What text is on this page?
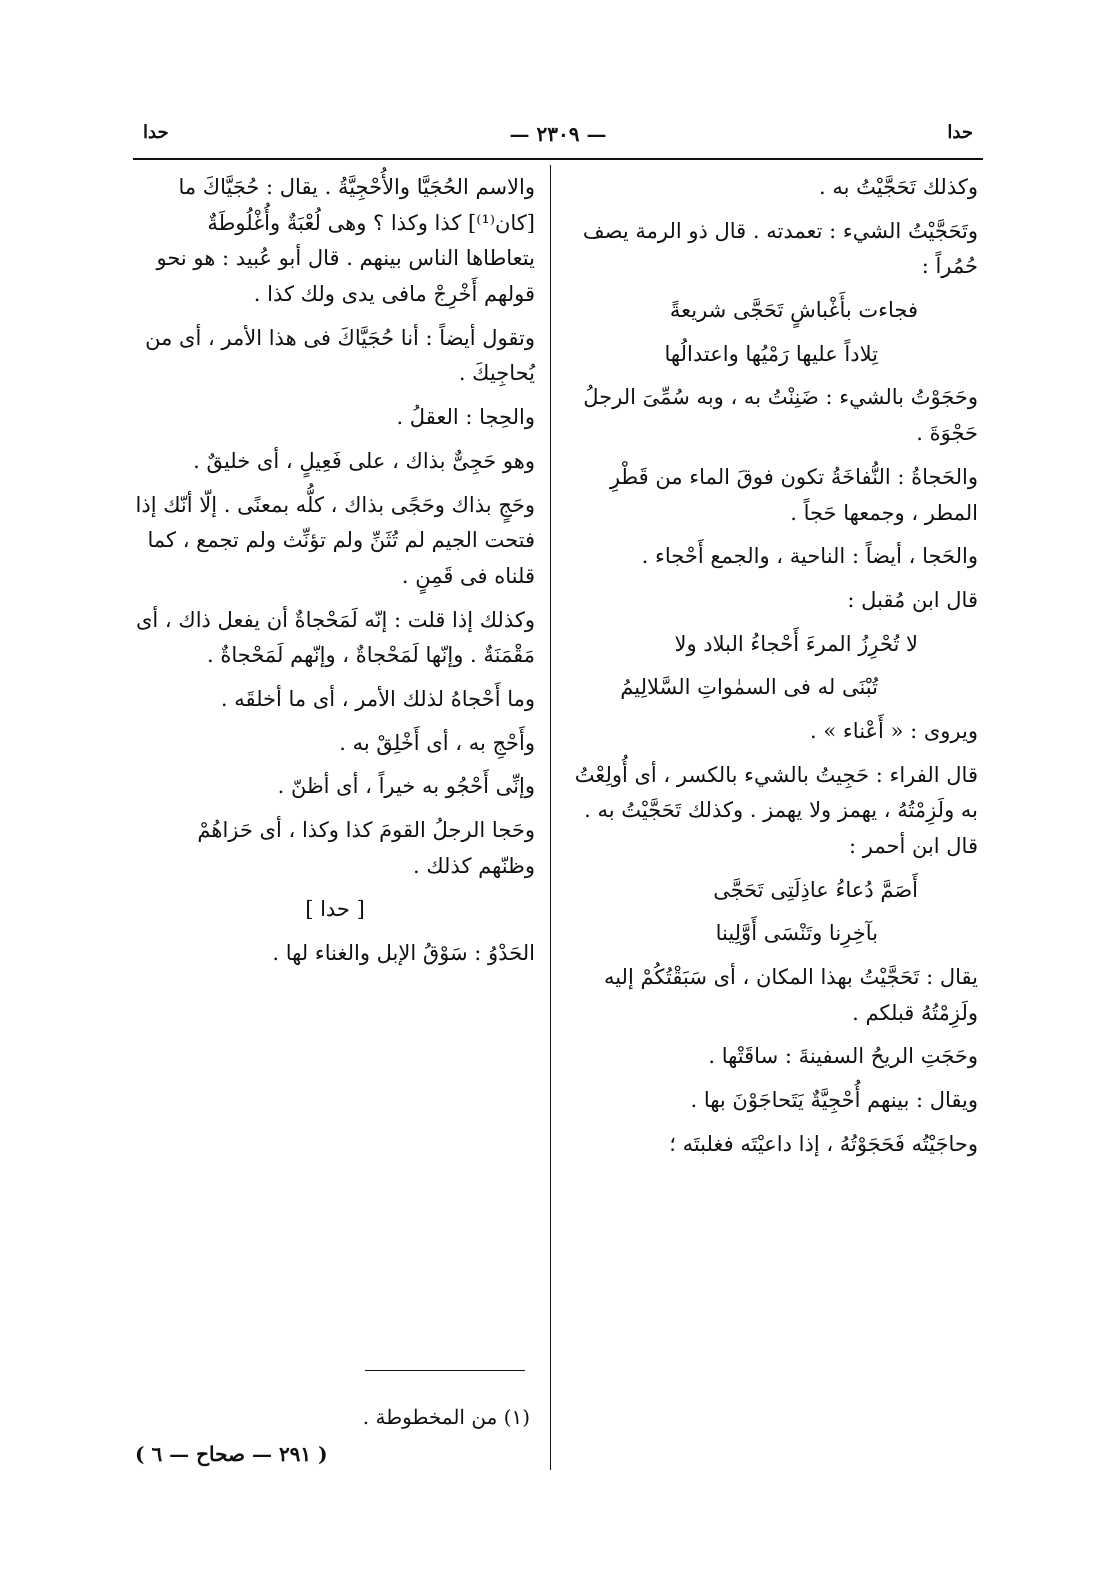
حدا	— ٢٣٠٩ —	حدا

وكذلك تَحَجَّيْتُ به .

وتَحَجَّيْتُ الشيء : تعمدته . قال ذو الرمة يصف حُمُراً :

فجاءت بأَغْباشٍ تَحَجَّى شريعةً

تِلاداً عليها رَمْيُها واعتدالُها

وحَجَوْتُ بالشيء : ضَنِنْتُ به ، وبه سُمِّىَ الرجلُ حَجْوَةَ .

والحَجاةُ : النُّفاخَةُ تكون فوقَ الماء من قَطْرِ المطر ، وجمعها حَجاً .

والحَجا ، أيضاً : الناحية ، والجمع أَحْجاء .

قال ابن مُقبل :

لا تُحْرِزُ المرءَ أَحْجاءُ البلاد ولا

تُبْنَى له فى السمٰواتِ السَّلالِيمُ

ويروى : « أَعْناء » .

قال الفراء : حَجِيتُ بالشيء بالكسر ، أى أُولِعْتُ به ولَزِمْتُهُ ، يهمز ولا يهمز . وكذلك تَحَجَّيْتُ به . قال ابن أحمر :

أَصَمَّ دُعاءُ عاذِلَتِى تَحَجَّى

بآخِرِنا وتَنْسَى أَوَّلِينا

يقال : تَحَجَّيْتُ بهذا المكان ، أى سَبَقْتُكُمْ إليه ولَزِمْتُهُ قبلكم .

وحَجَتِ الريحُ السفينةَ : ساقَتْها .

ويقال : بينهم أُحْجِيَّةٌ يَتَحاجَوْنَ بها .

وحاجَيْتُه فَحَجَوْتُهُ ، إذا داعيْتَه فغلبتَه ؛

والاسم الحُجَيَّا والأُحْجِيَّةُ . يقال : حُجَيَّاكَ ما [كان⁽¹⁾] كذا وكذا ؟ وهى لُعْبَةٌ وأُغْلُوطَةٌ يتعاطاها الناس بينهم . قال أبو عُبيد : هو نحو قولهم أَخْرِجْ مافى يدى ولك كذا .

وتقول أيضاً : أنا حُجَيَّاكَ فى هذا الأمر ، أى من يُحاجِيكَ .

والحِجا : العقلُ .

وهو حَجِىٌّ بذاك ، على فَعِيلٍ ، أى خليقٌ .

وحَجٍ بذاك وحَجًى بذاك ، كلُّه بمعنًى . إلّا أنّك إذا فتحت الجيم لم تُثَنِّ ولم تؤنِّث ولم تجمع ، كما قلناه فى قَمِنٍ .

وكذلك إذا قلت : إنّه لَمَحْجاةٌ أن يفعل ذاك ، أى مَقْمَنَةٌ . وإنّها لَمَحْجاةٌ ، وإنّهم لَمَحْجاةٌ .

وما أَحْجاهُ لذلك الأمر ، أى ما أخلقَه .

وأَحْجِ به ، أى أَخْلِقْ به .

وإنِّى أَحْجُو به خيراً ، أى أظنّ .

وحَجا الرجلُ القومَ كذا وكذا ، أى حَزاهُمْ وظنّهم كذلك .

[ حدا ]

الحَدْوُ : سَوْقُ الإبل والغناء لها .

(١) من المخطوطة .
( ٢٩١ — صحاح — ٦ )
